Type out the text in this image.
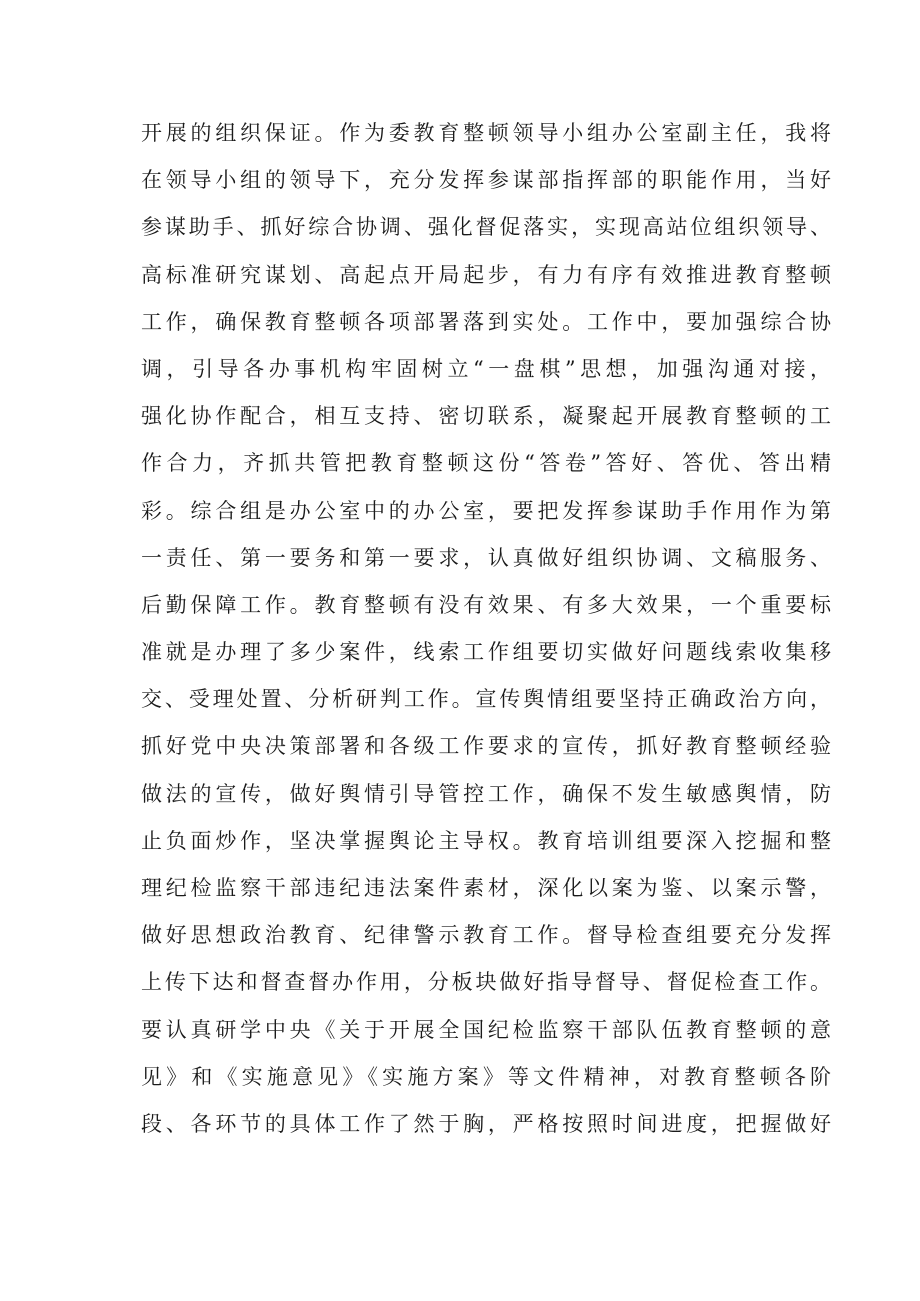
开展的组织保证。作为委教育整顿领导小组办公室副主任，我将
在领导小组的领导下，充分发挥参谋部指挥部的职能作用，当好
参谋助手、抓好综合协调、强化督促落实，实现高站位组织领导、
高标准研究谋划、高起点开局起步，有力有序有效推进教育整顿
工作，确保教育整顿各项部署落到实处。工作中，要加强综合协
调，引导各办事机构牢固树立“一盘棋”思想，加强沟通对接，
强化协作配合，相互支持、密切联系，凝聚起开展教育整顿的工
作合力，齐抓共管把教育整顿这份“答卷”答好、答优、答出精
彩。综合组是办公室中的办公室，要把发挥参谋助手作用作为第
一责任、第一要务和第一要求，认真做好组织协调、文稿服务、
后勤保障工作。教育整顿有没有效果、有多大效果，一个重要标
准就是办理了多少案件，线索工作组要切实做好问题线索收集移
交、受理处置、分析研判工作。宣传舆情组要坚持正确政治方向，
抓好党中央决策部署和各级工作要求的宣传，抓好教育整顿经验
做法的宣传，做好舆情引导管控工作，确保不发生敏感舆情，防
止负面炒作，坚决掌握舆论主导权。教育培训组要深入挖掘和整
理纪检监察干部违纪违法案件素材，深化以案为鉴、以案示警，
做好思想政治教育、纪律警示教育工作。督导检查组要充分发挥
上传下达和督查督办作用，分板块做好指导督导、督促检查工作。
要认真研学中央《关于开展全国纪检监察干部队伍教育整顿的意
见》和《实施意见》《实施方案》等文件精神，对教育整顿各阶
段、各环节的具体工作了然于胸，严格按照时间进度，把握做好
